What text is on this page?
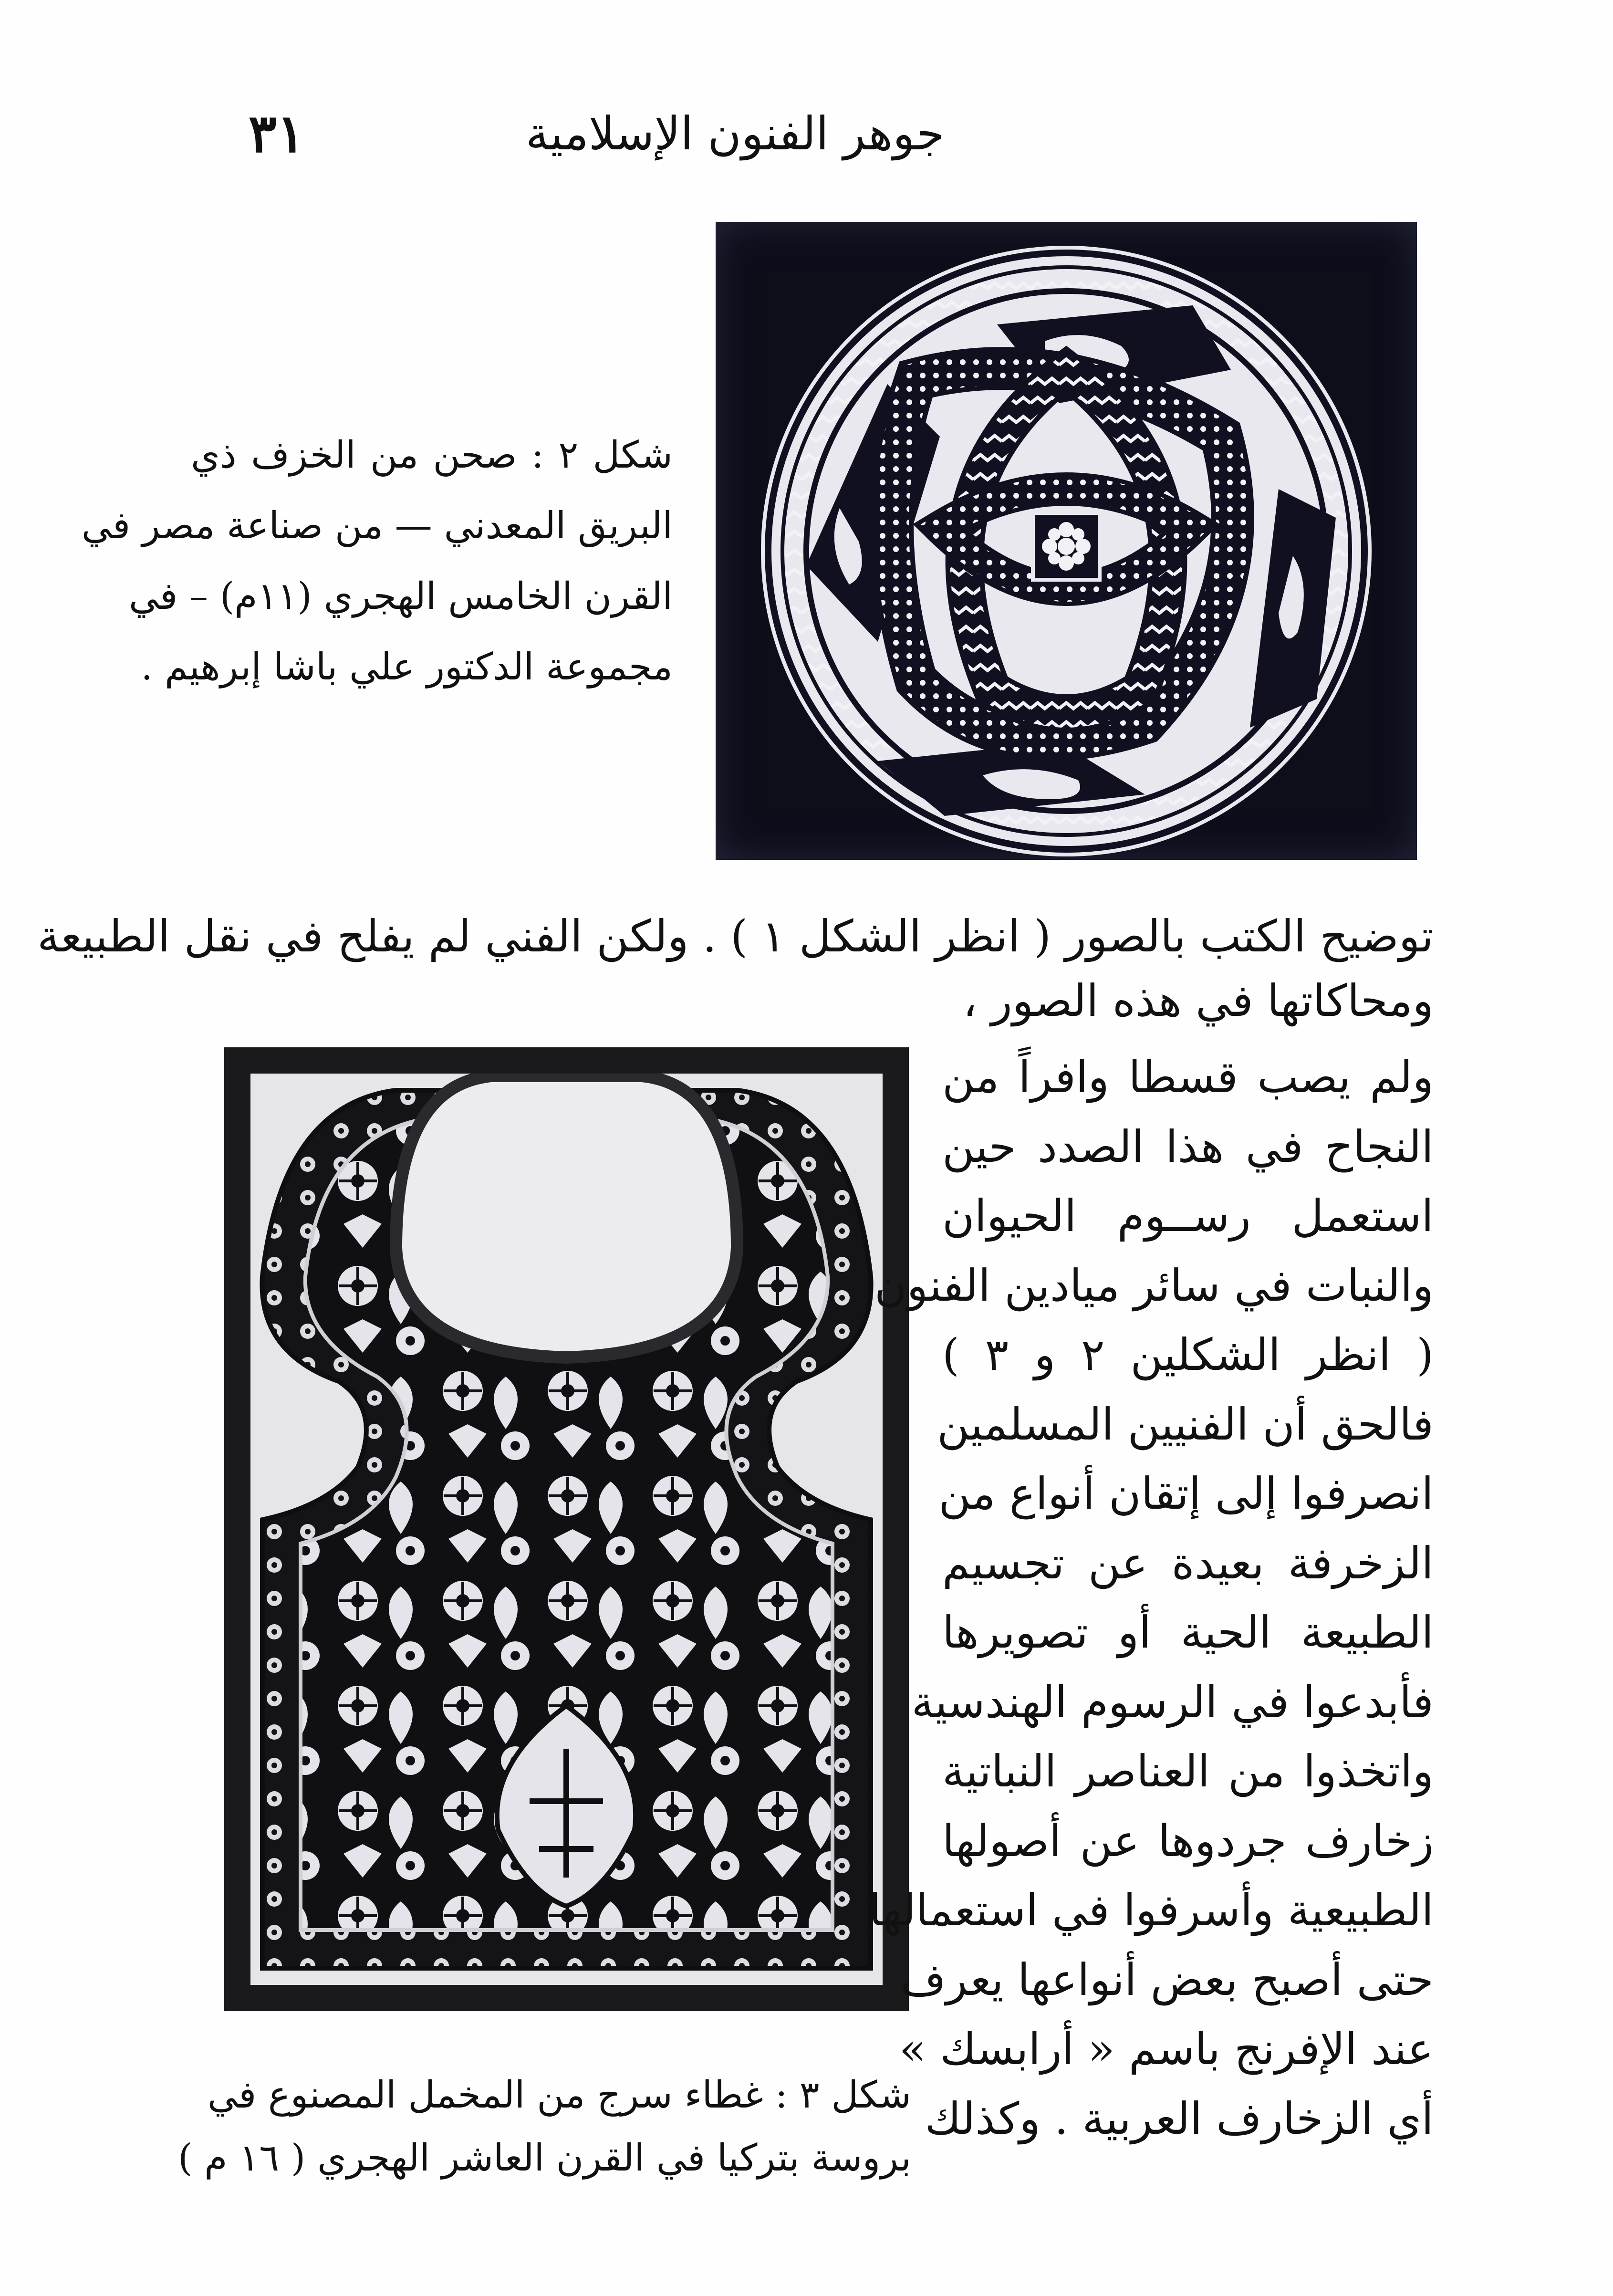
جوهر الفنون الإسلامية
٣١
شكل ٢ : صحن من الخزف ذي
البريق المعدني — من صناعة مصر في
القرن الخامس الهجري (١١م) – في
مجموعة الدكتور علي باشا إبرهيم .
توضيح الكتب بالصور ( انظر الشكل ١ ) . ولكن الفني لم يفلح في نقل الطبيعة
ومحاكاتها في هذه الصور ،
ولم يصب قسطا وافراً من
النجاح في هذا الصدد حين
استعمل رســوم الحيوان
والنبات في سائر ميادين الفنون
( انظر الشكلين ٢ و ٣ )
فالحق أن الفنيين المسلمين
انصرفوا إلى إتقان أنواع من
الزخرفة بعيدة عن تجسيم
الطبيعة الحية أو تصويرها
فأبدعوا في الرسوم الهندسية
واتخذوا من العناصر النباتية
زخارف جردوها عن أصولها
الطبيعية وأسرفوا في استعمالها
حتى أصبح بعض أنواعها يعرف
عند الإفرنج باسم « أرابسك »
أي الزخارف العربية . وكذلك
شكل ٣ : غطاء سرج من المخمل المصنوع في
بروسة بتركيا في القرن العاشر الهجري ( ١٦ م )
